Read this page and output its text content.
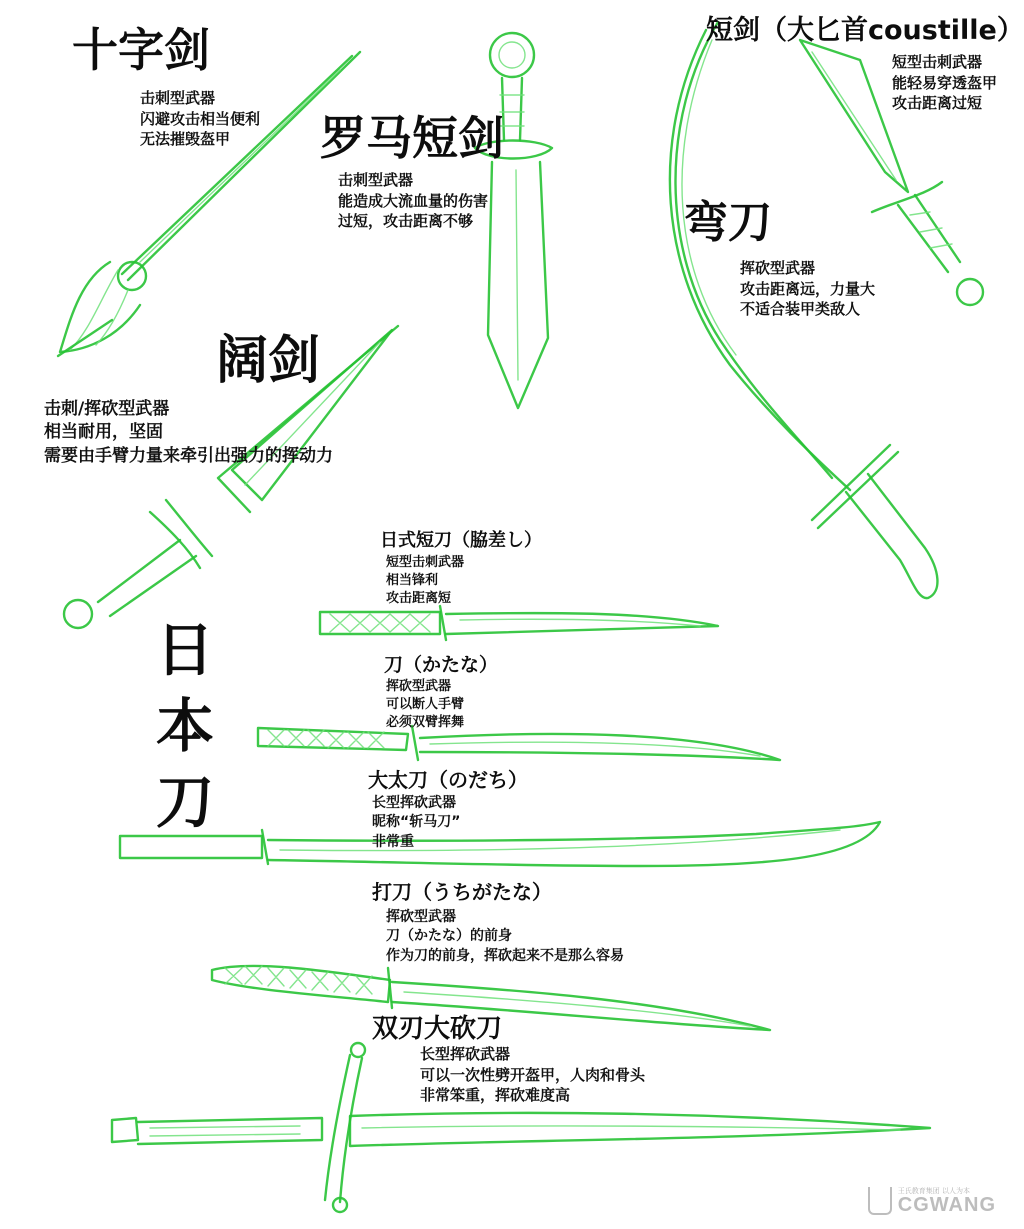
十字剑
击刺型武器
闪避攻击相当便利
无法摧毁盔甲	罗马短剑
击刺型武器
能造成大流血量的伤害
过短，攻击距离不够
短剑（大匕首coustille）
短型击刺武器
能轻易穿透盔甲
攻击距离过短
弯刀
挥砍型武器
攻击距离远，力量大
不适合装甲类敌人
阔剑
击刺/挥砍型武器
相当耐用，坚固
需要由手臂力量来牵引出强力的挥动力
日
本
刀
日式短刀（脇差し）
短型击刺武器
相当锋利
攻击距离短
刀（かたな）
挥砍型武器
可以断人手臂
必须双臂挥舞
大太刀（のだち）
长型挥砍武器
昵称“斩马刀”
非常重
打刀（うちがたな）
挥砍型武器
刀（かたな）的前身
作为刀的前身，挥砍起来不是那么容易
双刃大砍刀
长型挥砍武器
可以一次性劈开盔甲，人肉和骨头
非常笨重，挥砍难度高
王氏教育集团 以人为本
CGWANG
